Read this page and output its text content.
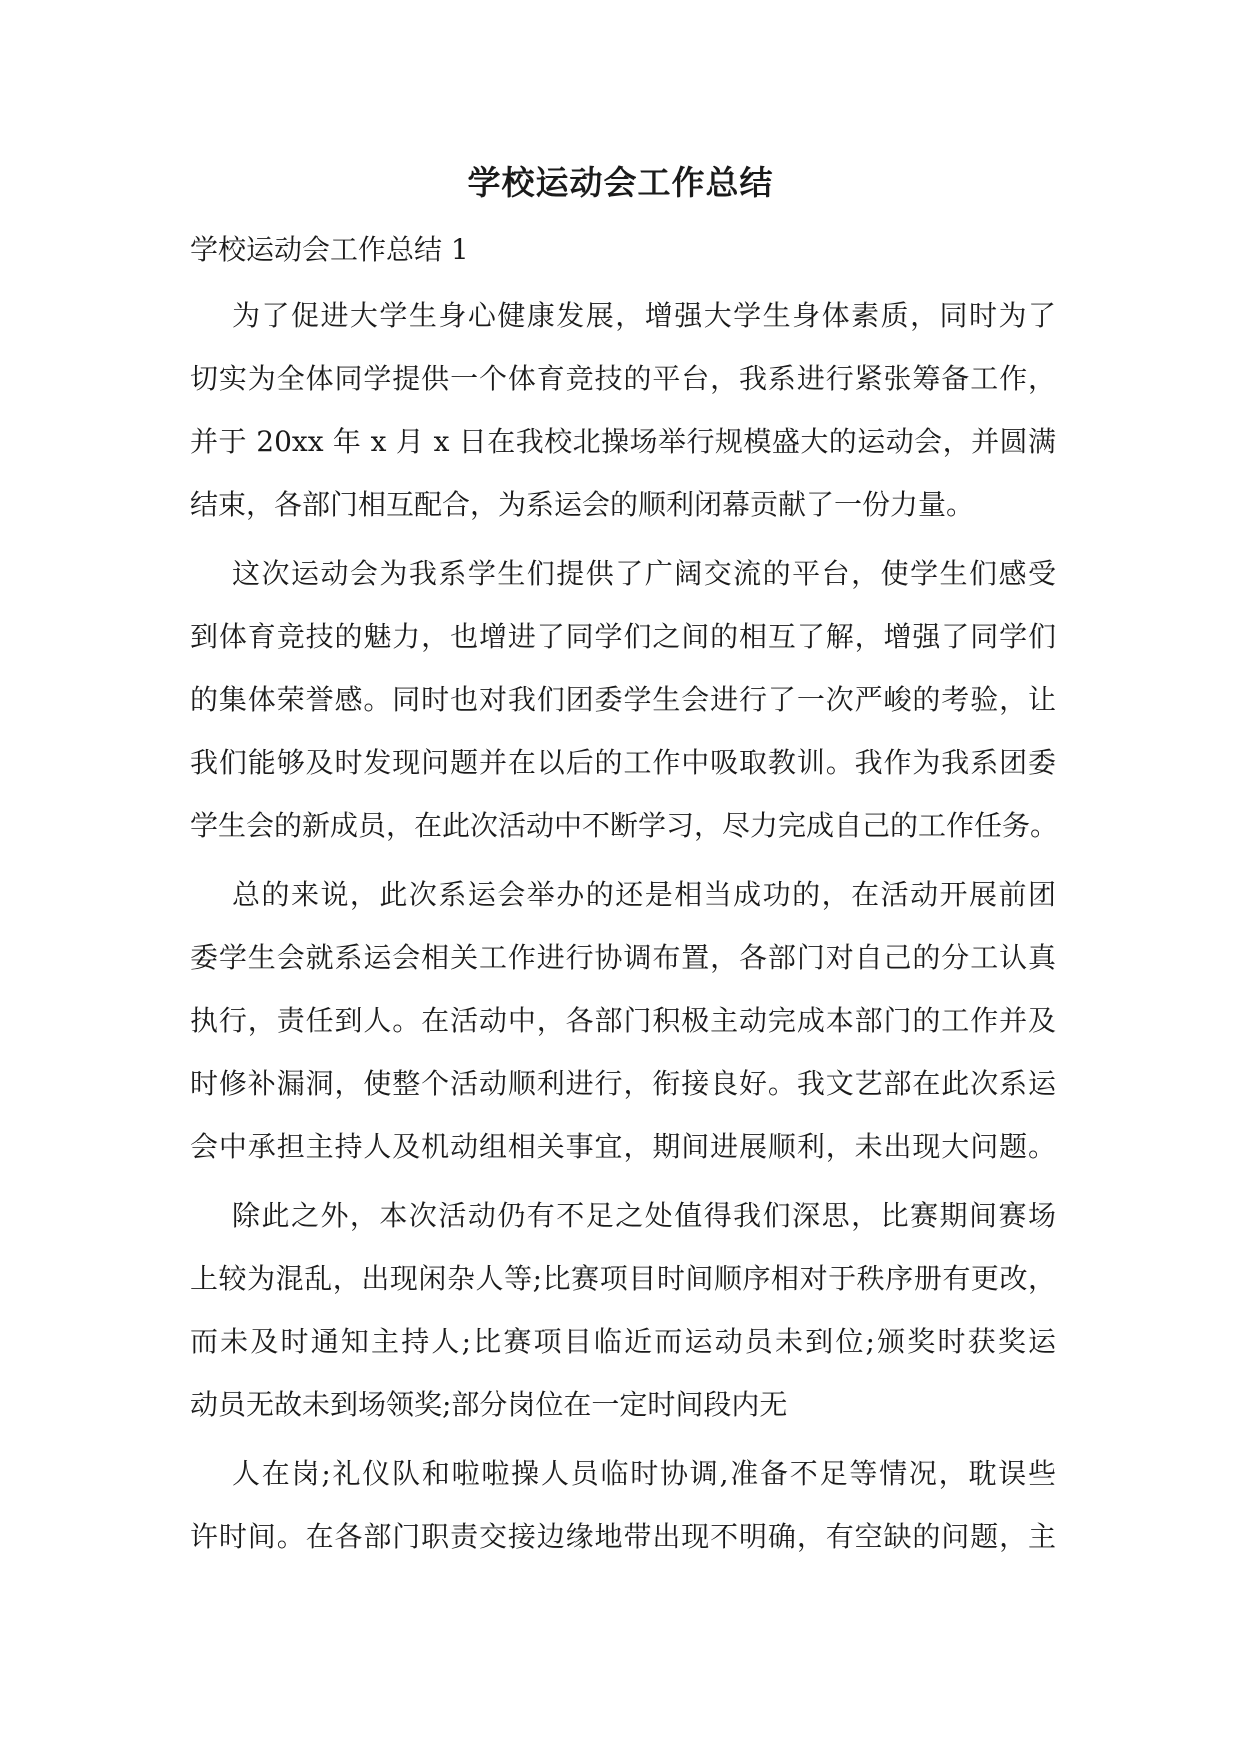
学校运动会工作总结
学校运动会工作总结 1
为了促进大学生身心健康发展，增强大学生身体素质，同时为了
切实为全体同学提供一个体育竞技的平台，我系进行紧张筹备工作，
并于 20xx 年 x 月 x 日在我校北操场举行规模盛大的运动会，并圆满
结束，各部门相互配合，为系运会的顺利闭幕贡献了一份力量。
这次运动会为我系学生们提供了广阔交流的平台，使学生们感受
到体育竞技的魅力，也增进了同学们之间的相互了解，增强了同学们
的集体荣誉感。同时也对我们团委学生会进行了一次严峻的考验，让
我们能够及时发现问题并在以后的工作中吸取教训。我作为我系团委
学生会的新成员，在此次活动中不断学习，尽力完成自己的工作任务。
总的来说，此次系运会举办的还是相当成功的，在活动开展前团
委学生会就系运会相关工作进行协调布置，各部门对自己的分工认真
执行，责任到人。在活动中，各部门积极主动完成本部门的工作并及
时修补漏洞，使整个活动顺利进行，衔接良好。我文艺部在此次系运
会中承担主持人及机动组相关事宜，期间进展顺利，未出现大问题。
除此之外，本次活动仍有不足之处值得我们深思，比赛期间赛场
上较为混乱，出现闲杂人等;比赛项目时间顺序相对于秩序册有更改，
而未及时通知主持人;比赛项目临近而运动员未到位;颁奖时获奖运
动员无故未到场领奖;部分岗位在一定时间段内无
人在岗;礼仪队和啦啦操人员临时协调,准备不足等情况，耽误些
许时间。在各部门职责交接边缘地带出现不明确，有空缺的问题，主
